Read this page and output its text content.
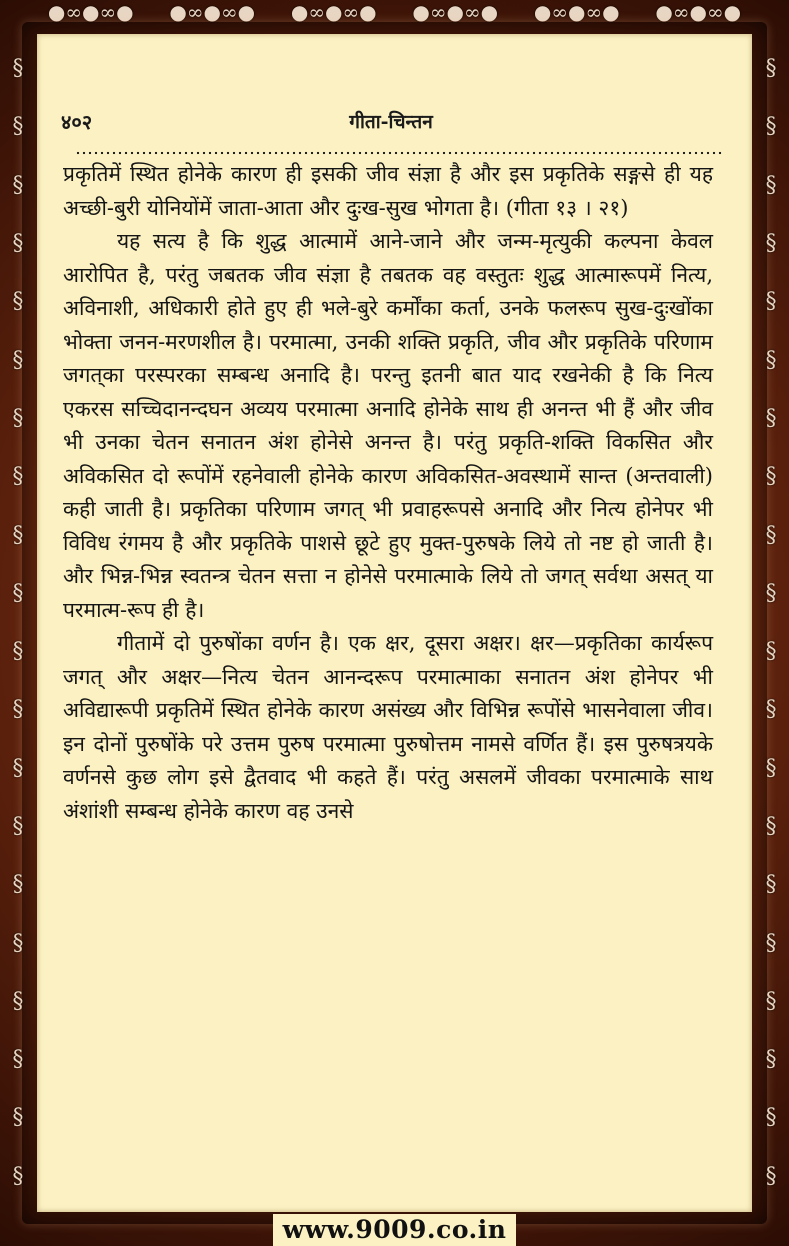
●∞●∞● ●∞●∞● ●∞●∞● ●∞●∞● ●∞●∞● ●∞●∞●
§
§
§
§
§
§
§
§
§
§
§
§
§
§
§
§
§
§
§
§
§
§
§
§
§
§
§
§
§
§
§
§
§
§
§
§
§
§
§
§
४०२	गीता-चिन्तन

प्रकृतिमें स्थित होनेके कारण ही इसकी जीव संज्ञा है और इस प्रकृतिके सङ्गसे ही यह अच्छी-बुरी योनियोंमें जाता-आता और दुःख-सुख भोगता है। (गीता १३ । २१)

यह सत्य है कि शुद्ध आत्मामें आने-जाने और जन्म-मृत्युकी कल्पना केवल आरोपित है, परंतु जबतक जीव संज्ञा है तबतक वह वस्तुतः शुद्ध आत्मारूपमें नित्य, अविनाशी, अधिकारी होते हुए ही भले-बुरे कर्मोंका कर्ता, उनके फलरूप सुख-दुःखोंका भोक्ता जनन-मरणशील है। परमात्मा, उनकी शक्ति प्रकृति, जीव और प्रकृतिके परिणाम जगत्‌का परस्परका सम्बन्ध अनादि है। परन्तु इतनी बात याद रखनेकी है कि नित्य एकरस सच्चिदानन्दघन अव्यय परमात्मा अनादि होनेके साथ ही अनन्त भी हैं और जीव भी उनका चेतन सनातन अंश होनेसे अनन्त है। परंतु प्रकृति-शक्ति विकसित और अविकसित दो रूपोंमें रहनेवाली होनेके कारण अविकसित-अवस्थामें सान्त (अन्तवाली) कही जाती है। प्रकृतिका परिणाम जगत् भी प्रवाहरूपसे अनादि और नित्य होनेपर भी विविध रंगमय है और प्रकृतिके पाशसे छूटे हुए मुक्त-पुरुषके लिये तो नष्ट हो जाती है। और भिन्न-भिन्न स्वतन्त्र चेतन सत्ता न होनेसे परमात्माके लिये तो जगत् सर्वथा असत् या परमात्म-रूप ही है।

गीतामें दो पुरुषोंका वर्णन है। एक क्षर, दूसरा अक्षर। क्षर—प्रकृतिका कार्यरूप जगत् और अक्षर—नित्य चेतन आनन्दरूप परमात्माका सनातन अंश होनेपर भी अविद्यारूपी प्रकृतिमें स्थित होनेके कारण असंख्य और विभिन्न रूपोंसे भासनेवाला जीव। इन दोनों पुरुषोंके परे उत्तम पुरुष परमात्मा पुरुषोत्तम नामसे वर्णित हैं। इस पुरुषत्रयके वर्णनसे कुछ लोग इसे द्वैतवाद भी कहते हैं। परंतु असलमें जीवका परमात्माके साथ अंशांशी सम्बन्ध होनेके कारण वह उनसे

www.9009.co.in
